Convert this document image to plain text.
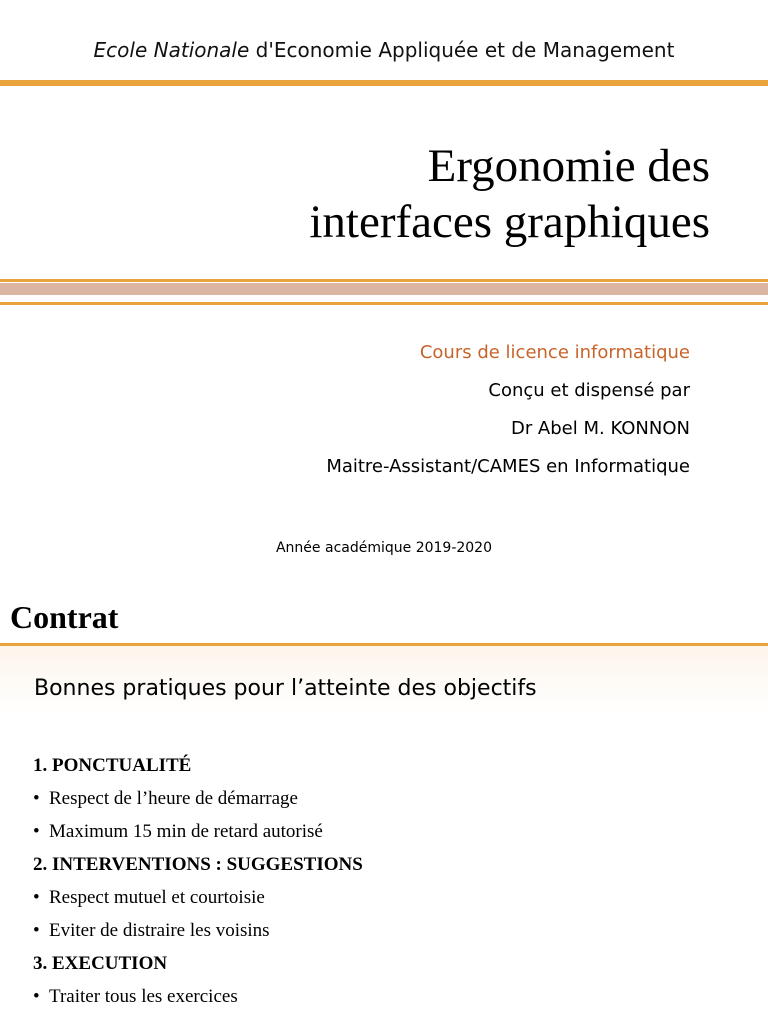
Ecole Nationale d'Economie Appliquée et de Management
Ergonomie des
interfaces graphiques
Cours de licence informatique
Conçu et dispensé par
Dr Abel M. KONNON
Maitre-Assistant/CAMES en Informatique
Année académique 2019-2020
Contrat
Bonnes pratiques pour l’atteinte des objectifs
1. PONCTUALITÉ
• Respect de l’heure de démarrage
• Maximum 15 min de retard autorisé
2. INTERVENTIONS : SUGGESTIONS
• Respect mutuel et courtoisie
• Eviter de distraire les voisins
3. EXECUTION
• Traiter tous les exercices
